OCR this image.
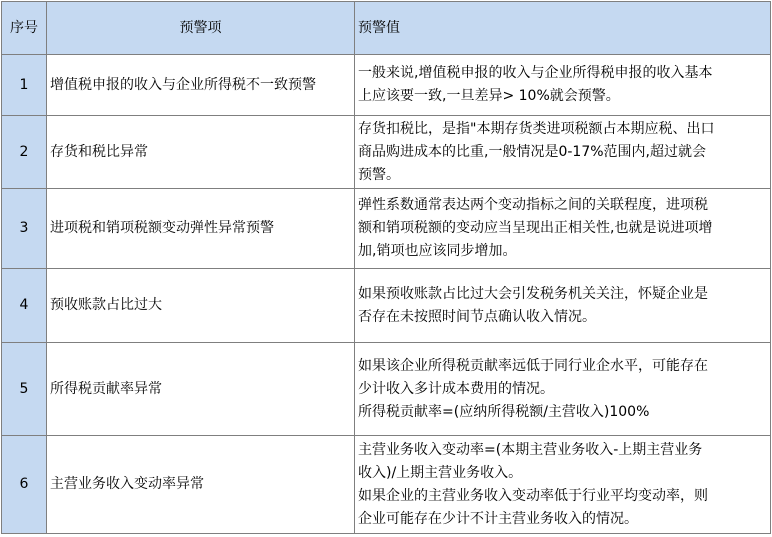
序号	预警项	预警值
1	增值税申报的收入与企业所得税不一致预警	一般来说,增值税申报的收入与企业所得税申报的收入基本
上应该要一致,一旦差异> 10%就会预警。

2	存货和税比异常	存货扣税比，是指"本期存货类进项税额占本期应税、出口
商品购进成本的比重,一般情况是0-17%范围内,超过就会
预警。

3	进项税和销项税额变动弹性异常预警	弹性系数通常表达两个变动指标之间的关联程度，进项税
额和销项税额的变动应当呈现出正相关性,也就是说进项增
加,销项也应该同步增加。

4	预收账款占比过大	如果预收账款占比过大会引发税务机关关注，怀疑企业是
否存在未按照时间节点确认收入情况。

5	所得税贡献率异常	如果该企业所得税贡献率远低于同行业企水平，可能存在
少计收入多计成本费用的情况。
所得税贡献率=(应纳所得税额/主营收入)100%

6	主营业务收入变动率异常	主营业务收入变动率=(本期主营业务收入-上期主营业务
收入)/上期主营业务收入。
如果企业的主营业务收入变动率低于行业平均变动率，则
企业可能存在少计不计主营业务收入的情况。
